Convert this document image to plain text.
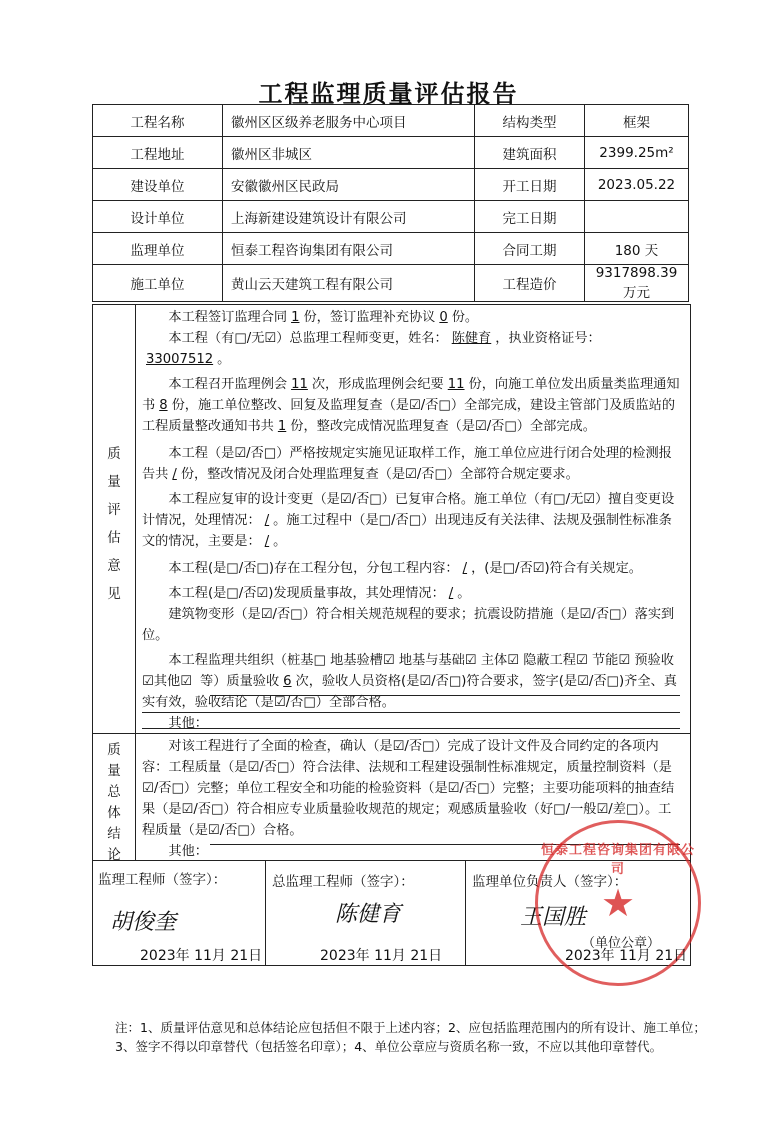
工程监理质量评估报告
工程名称	徽州区区级养老服务中心项目	结构类型	框架
工程地址	徽州区非城区	建筑面积	2399.25m²
建设单位	安徽徽州区民政局	开工日期	2023.05.22
设计单位	上海新建设建筑设计有限公司	完工日期	
监理单位	恒泰工程咨询集团有限公司	合同工期	180 天
施工单位	黄山云天建筑工程有限公司	工程造价	9317898.39 万元
质量评估意见

本工程签订监理合同 1 份，签订监理补充协议 0 份。

本工程（有□/无☑）总监理工程师变更，姓名： 陈健育 ，执业资格证号：33007512 。

本工程召开监理例会 11 次，形成监理例会纪要 11 份，向施工单位发出质量类监理通知书 8 份，施工单位整改、回复及监理复查（是☑/否□）全部完成，建设主管部门及质监站的工程质量整改通知书共 1 份，整改完成情况监理复查（是☑/否□）全部完成。

本工程（是☑/否□）严格按规定实施见证取样工作，施工单位应进行闭合处理的检测报告共 / 份，整改情况及闭合处理监理复查（是☑/否□）全部符合规定要求。

本工程应复审的设计变更（是☑/否□）已复审合格。施工单位（有□/无☑）擅自变更设计情况，处理情况： / 。施工过程中（是□/否□）出现违反有关法律、法规及强制性标准条文的情况，主要是： / 。

本工程(是□/否□)存在工程分包，分包工程内容： / ，(是□/否☑)符合有关规定。

本工程(是□/否☑)发现质量事故，其处理情况： / 。

建筑物变形（是☑/否□）符合相关规范规程的要求；抗震设防措施（是☑/否□）落实到位。

本工程监理共组织（桩基□ 地基验槽☑ 地基与基础☑ 主体☑ 隐蔽工程☑ 节能☑ 预验收☑其他☑ 等）质量验收 6 次，验收人员资格(是☑/否□)符合要求，签字(是☑/否□)齐全、真实有效，验收结论（是☑/否□）全部合格。

其他：

质量总体结论

对该工程进行了全面的检查，确认（是☑/否□）完成了设计文件及合同约定的各项内容：工程质量（是☑/否□）符合法律、法规和工程建设强制性标准规定，质量控制资料（是☑/否□）完整；单位工程安全和功能的检验资料（是☑/否□）完整；主要功能项料的抽查结果（是☑/否□）符合相应专业质量验收规范的规定；观感质量验收（好□/一般☑/差□）。工程质量（是☑/否□）合格。

其他：

监理工程师（签字）：	总监理工程师（签字）：	监理单位负责人（签字）：
胡俊奎	陈健育	王国胜
恒泰工程咨询集团有限公司
★
（单位公章）
2023年 11月 21日	2023年 11月 21日	2023年 11月 21日
注：1、质量评估意见和总体结论应包括但不限于上述内容；2、应包括监理范围内的所有设计、施工单位；3、签字不得以印章替代（包括签名印章）；4、单位公章应与资质名称一致，不应以其他印章替代。
